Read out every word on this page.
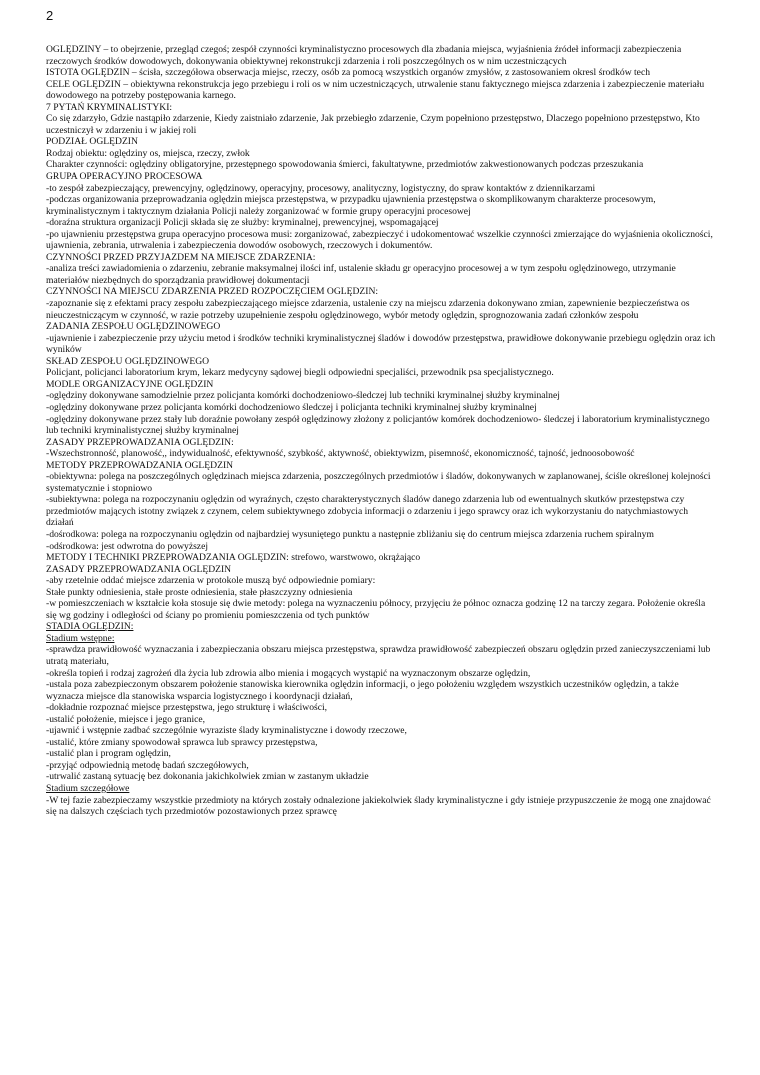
2

OGLĘDZINY – to obejrzenie, przegląd czegoś; zespół czynności kryminalistyczno procesowych dla zbadania miejsca, wyjaśnienia źródeł informacji zabezpieczenia rzeczowych środków dowodowych, dokonywania obiektywnej rekonstrukcji zdarzenia i roli poszczególnych os w nim uczestniczących

ISTOTA OGLĘDZIN – ścisła, szczegółowa obserwacja miejsc, rzeczy, osób za pomocą wszystkich organów zmysłów, z zastosowaniem okresl środków tech

CELE OGLĘDZIN – obiektywna rekonstrukcja jego przebiegu i roli os w nim uczestniczących, utrwalenie stanu faktycznego miejsca zdarzenia i zabezpieczenie materiału dowodowego na potrzeby postępowania karnego.

7 PYTAŃ KRYMINALISTYKI:

Co się zdarzyło, Gdzie nastąpiło zdarzenie, Kiedy zaistniało zdarzenie, Jak przebiegło zdarzenie, Czym popełniono przestępstwo, Dlaczego popełniono przestępstwo, Kto uczestniczył w zdarzeniu i w jakiej roli

PODZIAŁ OGLĘDZIN

Rodzaj obiektu: oględziny os, miejsca, rzeczy, zwłok

Charakter czynności: oględziny obligatoryjne, przestępnego spowodowania śmierci, fakultatywne, przedmiotów zakwestionowanych podczas przeszukania

GRUPA OPERACYJNO PROCESOWA

-to zespół zabezpieczający, prewencyjny, oględzinowy, operacyjny, procesowy, analityczny, logistyczny, do spraw kontaktów z dziennikarzami

-podczas organizowania przeprowadzania oględzin miejsca przestępstwa, w przypadku ujawnienia przestępstwa o skomplikowanym charakterze procesowym, kryminalistycznym i taktycznym działania Policji należy zorganizować w formie grupy operacyjni procesowej

-doraźna struktura organizacji Policji składa się ze służby: kryminalnej, prewencyjnej, wspomagającej

-po ujawnieniu przestępstwa grupa operacyjno procesowa musi: zorganizować, zabezpieczyć i udokomentować wszelkie czynności zmierzające do wyjaśnienia okoliczności, ujawnienia, zebrania, utrwalenia i zabezpieczenia dowodów osobowych, rzeczowych i dokumentów.

CZYNNOŚCI PRZED PRZYJAZDEM NA MIEJSCE ZDARZENIA:

-analiza treści zawiadomienia o zdarzeniu, zebranie maksymalnej ilości inf, ustalenie składu gr operacyjno procesowej a w tym zespołu oględzinowego, utrzymanie materiałów niezbędnych do sporządzania prawidłowej dokumentacji

CZYNNOŚCI NA MIEJSCU ZDARZENIA PRZED ROZPOCZĘCIEM OGLĘDZIN:

-zapoznanie się z efektami pracy zespołu zabezpieczającego miejsce zdarzenia, ustalenie czy na miejscu zdarzenia dokonywano zmian, zapewnienie bezpieczeństwa os nieuczestniczącym w czynność, w razie potrzeby uzupełnienie zespołu oględzinowego, wybór metody oględzin, sprognozowania zadań członków zespołu

ZADANIA ZESPOŁU OGLĘDZINOWEGO

-ujawnienie i zabezpieczenie przy użyciu metod i środków techniki kryminalistycznej śladów i dowodów przestępstwa, prawidłowe dokonywanie przebiegu oględzin oraz ich wyników

SKŁAD ZESPOŁU OGLĘDZINOWEGO

Policjant, policjanci laboratorium krym, lekarz medycyny sądowej biegli odpowiedni specjaliści, przewodnik psa specjalistycznego.

MODLE ORGANIZACYJNE OGLĘDZIN

-oględziny dokonywane samodzielnie przez policjanta komórki dochodzeniowo-śledczej lub techniki kryminalnej służby kryminalnej

-oględziny dokonywane przez policjanta komórki dochodzeniowo śledczej i policjanta techniki kryminalnej służby kryminalnej

-oględziny dokonywane przez stały lub doraźnie powołany zespół oględzinowy złożony z policjantów komórek dochodzeniowo- śledczej i laboratorium kryminalistycznego lub techniki kryminalistycznej służby kryminalnej

ZASADY PRZEPROWADZANIA OGLĘDZIN:

-Wszechstronność, planowość,, indywidualność, efektywność, szybkość, aktywność, obiektywizm, pisemność, ekonomiczność, tajność, jednoosobowość

METODY PRZEPROWADZANIA OGLĘDZIN

-obiektywna: polega na poszczególnych oględzinach miejsca zdarzenia, poszczególnych przedmiotów i śladów, dokonywanych w zaplanowanej, ściśle określonej kolejności systematycznie i stopniowo

-subiektywna: polega na rozpoczynaniu oględzin od wyraźnych, często charakterystycznych śladów danego zdarzenia lub od ewentualnych skutków przestępstwa czy przedmiotów mających istotny związek z czynem, celem subiektywnego zdobycia informacji o zdarzeniu i jego sprawcy oraz ich wykorzystaniu do natychmiastowych działań

-dośrodkowa: polega na rozpoczynaniu oględzin od najbardziej wysuniętego punktu a następnie zbliżaniu się do centrum miejsca zdarzenia ruchem spiralnym

-odśrodkowa: jest odwrotna do powyższej

METODY I TECHNIKI PRZEPROWADZANIA OGLĘDZIN: strefowo, warstwowo, okrążająco

ZASADY PRZEPROWADZANIA OGLĘDZIN

-aby rzetelnie oddać miejsce zdarzenia w protokole muszą być odpowiednie pomiary:

Stałe punkty odniesienia, stałe proste odniesienia, stałe płaszczyzny odniesienia

-w pomieszczeniach w kształcie koła stosuje się dwie metody: polega na wyznaczeniu północy, przyjęciu że północ oznacza godzinę 12 na tarczy zegara. Położenie określa się wg godziny i odległości od ściany po promieniu pomieszczenia od tych punktów

STADIA OGLĘDZIN:

Stadium wstępne:

-sprawdza prawidłowość wyznaczania i zabezpieczania obszaru miejsca przestępstwa, sprawdza prawidłowość zabezpieczeń obszaru oględzin przed zanieczyszczeniami lub utratą materiału,

-określa topień i rodzaj zagrożeń dla życia lub zdrowia albo mienia i mogących wystąpić na wyznaczonym obszarze oględzin,

-ustala poza zabezpieczonym obszarem położenie stanowiska kierownika oględzin informacji, o jego położeniu względem wszystkich uczestników oględzin, a także wyznacza miejsce dla stanowiska wsparcia logistycznego i koordynacji działań,

-dokładnie rozpoznać miejsce przestępstwa, jego strukturę i właściwości,

-ustalić położenie, miejsce i jego granice,

-ujawnić i wstępnie zadbać szczególnie wyraziste ślady kryminalistyczne i dowody rzeczowe,

-ustalić, które zmiany spowodował sprawca lub sprawcy przestępstwa,

-ustalić plan i program oględzin,

-przyjąć odpowiednią metodę badań szczegółowych,

-utrwalić zastaną sytuację bez dokonania jakichkolwiek zmian w zastanym układzie

Stadium szczegółowe

-W tej fazie zabezpieczamy wszystkie przedmioty na których zostały odnalezione jakiekolwiek ślady kryminalistyczne i gdy istnieje przypuszczenie że mogą one znajdować się na dalszych częściach tych przedmiotów pozostawionych przez sprawcę
